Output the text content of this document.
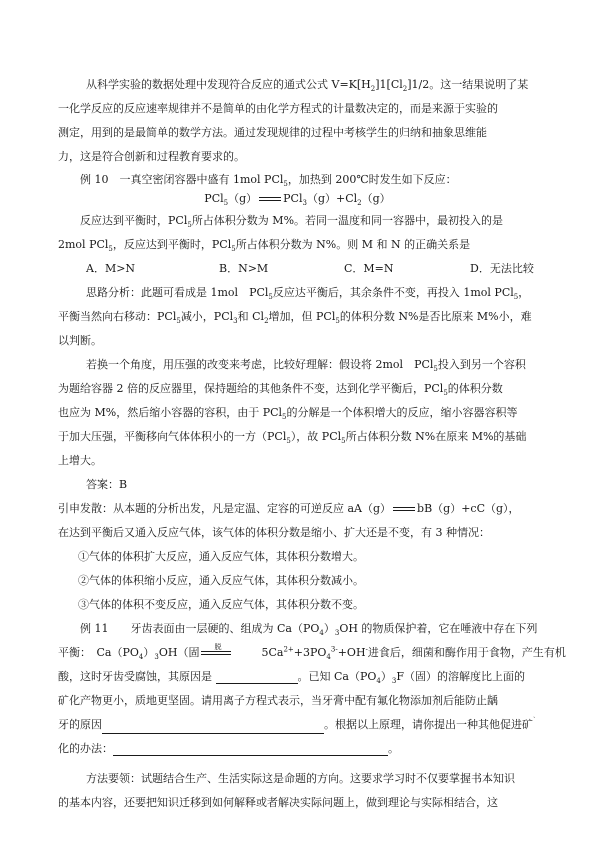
从科学实验的数据处理中发现符合反应的通式公式 $V=K[H_2]1[Cl_2]1/2$。这一结果说明了某
一化学反应的反应速率规律并不是简单的由化学方程式的计量数决定的，而是来源于实验的
测定，用到的是最简单的数学方法。通过发现规律的过程中考核学生的归纳和抽象思维能
力，这是符合创新和过程教育要求的。
例 10　一真空密闭容器中盛有 1mol PCl$_5$，加热到 200℃时发生如下反应：
PCl$_5$（g） $PCl_3(g)+Cl_2(g)$
反应达到平衡时，PCl$_5$所占体积分数为 M%。若同一温度和同一容器中，最初投入的是
2mol PCl$_5$，反应达到平衡时，PCl$_5$所占体积分数为 N%。则 M 和 N 的正确关系是
A．M>N	B．N>M	C．M=N	D．无法比较
思路分析：此题可看成是 1mol　PCl$_5$反应达平衡后，其余条件不变，再投入 1mol PCl$_5$，
平衡当然向右移动：PCl$_5$减小，PCl$_3$和 $Cl_2$增加，但 PCl$_5$的体积分数 N%是否比原来 M%小，难
以判断。
若换一个角度，用压强的改变来考虑，比较好理解：假设将 2mol　PCl$_5$投入到另一个容积
为题给容器 2 倍的反应器里，保持题给的其他条件不变，达到化学平衡后，PCl$_5$的体积分数
也应为 M%，然后缩小容器的容积，由于 PCl$_5$的分解是一个体积增大的反应，缩小容器容积等
于加大压强，平衡移向气体体积小的一方（PCl$_5$），故 PCl$_5$所占体积分数 N%在原来 M%的基础
上增大。
答案：B
引申发散：从本题的分析出发，凡是定温、定容的可逆反应 aA（g） bB（g）+cC（g），
在达到平衡后又通入反应气体，该气体的体积分数是缩小、扩大还是不变，有 3 种情况：
①气体的体积扩大反应，通入反应气体，其体积分数增大。
②气体的体积缩小反应，通入反应气体，其体积分数减小。
③气体的体积不变反应，通入反应气体，其体积分数不变。
例 11　　牙齿表面由一层硬的、组成为 $Ca(PO_4)_3OH$ 的物质保护着，它在唾液中存在下列
平衡：　$Ca(PO_4)_3OH$（固 脱	$5Ca^{2+}+3PO_4^{3-}+OH^-$进食后，细菌和酶作用于食物，产生有机
酸，这时牙齿受腐蚀，其原因是	。已知 $Ca(PO_4)_3F$（固）的溶解度比上面的
矿化产物更小，质地更坚固。请用离子方程式表示，当牙膏中配有氟化物添加剂后能防止龋
牙的原因	。根据以上原理，请你提出一种其他促进矿`
化的办法：	。
方法要领：试题结合生产、生活实际这是命题的方向。这要求学习时不仅要掌握书本知识
的基本内容，还要把知识迁移到如何解释或者解决实际问题上，做到理论与实际相结合，这
